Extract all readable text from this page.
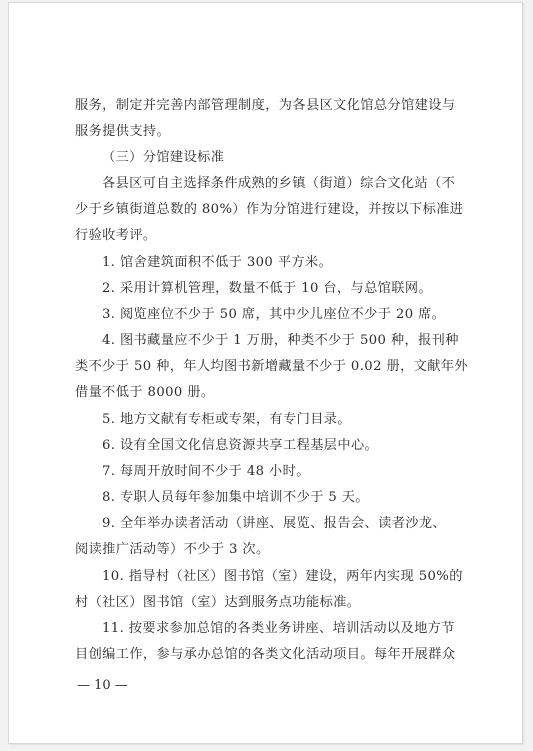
服务，制定并完善内部管理制度，为各县区文化馆总分馆建设与
服务提供支持。
（三）分馆建设标准
各县区可自主选择条件成熟的乡镇（街道）综合文化站（不
少于乡镇街道总数的 80%）作为分馆进行建设，并按以下标准进
行验收考评。
1. 馆舍建筑面积不低于 300 平方米。
2. 采用计算机管理，数量不低于 10 台，与总馆联网。
3. 阅览座位不少于 50 席，其中少儿座位不少于 20 席。
4. 图书藏量应不少于 1 万册，种类不少于 500 种，报刊种
类不少于 50 种，年人均图书新增藏量不少于 0.02 册，文献年外
借量不低于 8000 册。
5. 地方文献有专柜或专架，有专门目录。
6. 设有全国文化信息资源共享工程基层中心。
7. 每周开放时间不少于 48 小时。
8. 专职人员每年参加集中培训不少于 5 天。
9. 全年举办读者活动（讲座、展览、报告会、读者沙龙、
阅读推广活动等）不少于 3 次。
10. 指导村（社区）图书馆（室）建设，两年内实现 50%的
村（社区）图书馆（室）达到服务点功能标准。
11. 按要求参加总馆的各类业务讲座、培训活动以及地方节
目创编工作，参与承办总馆的各类文化活动项目。每年开展群众
— 10 —
